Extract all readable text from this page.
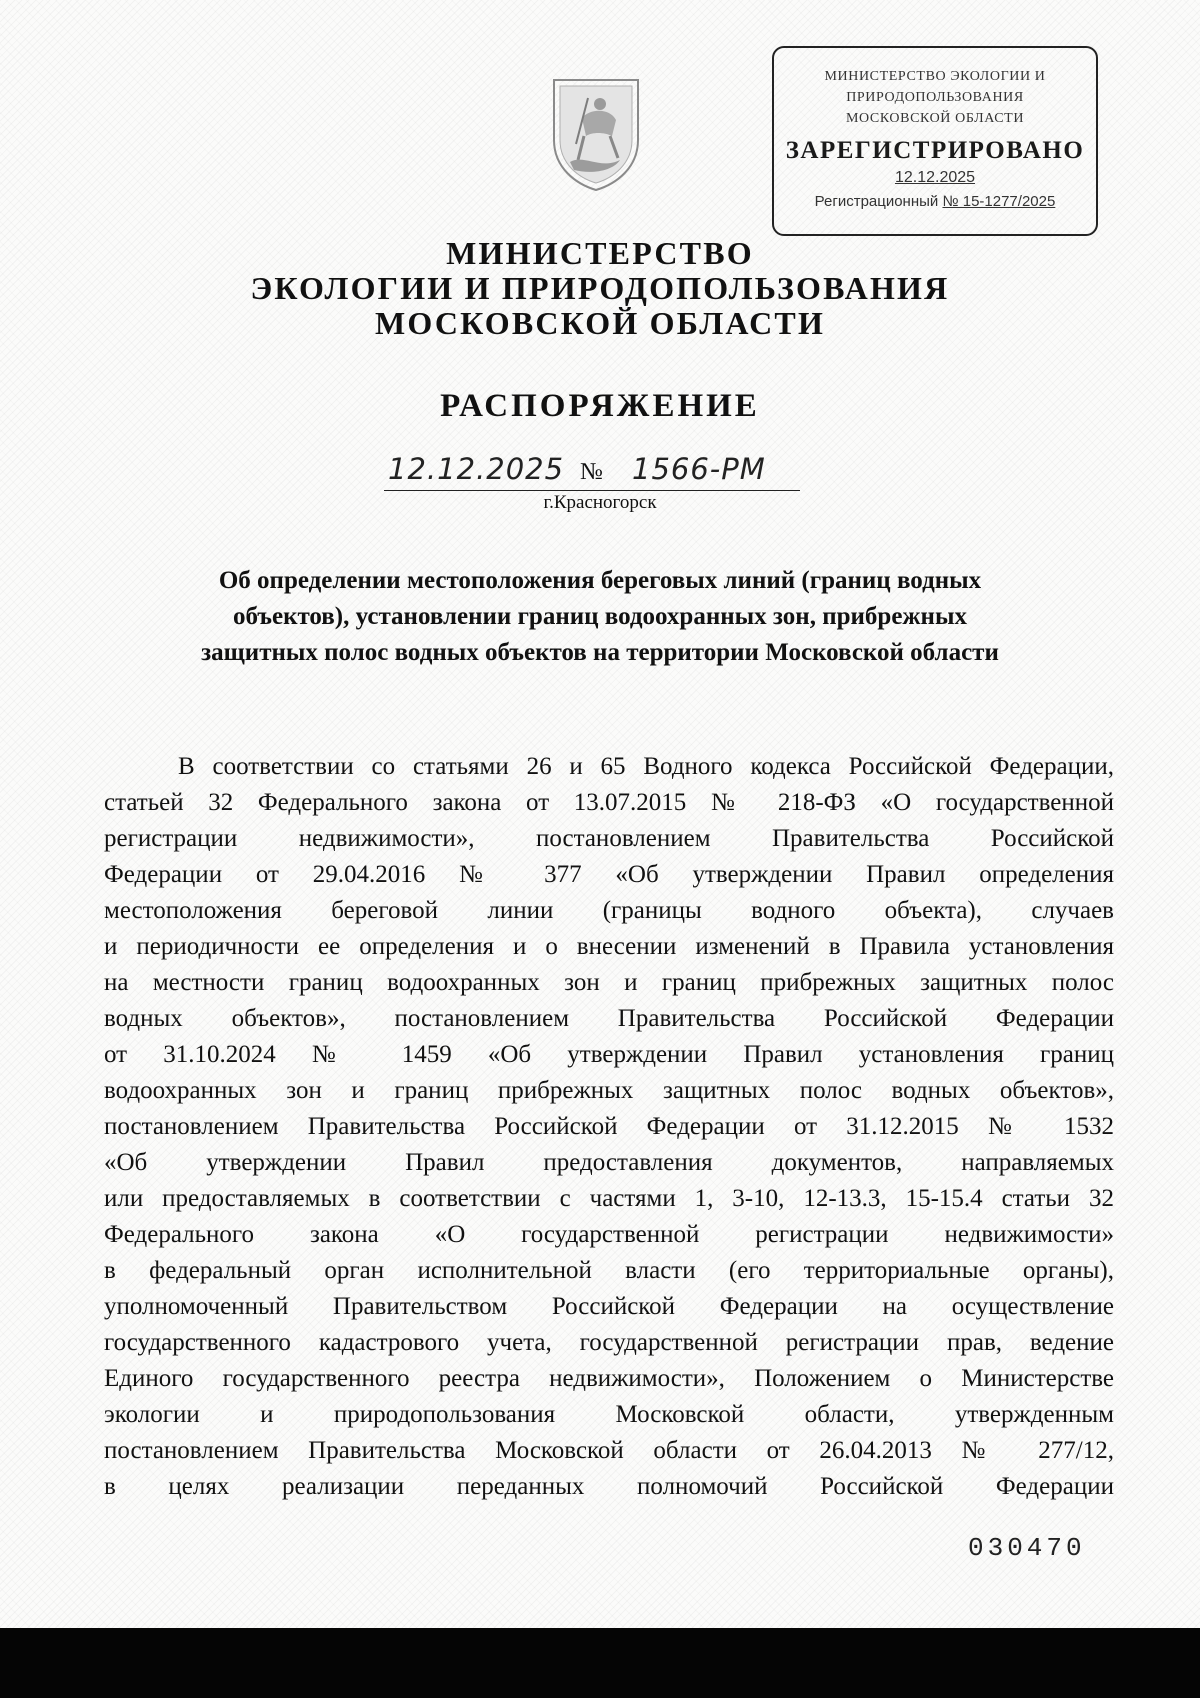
МИНИСТЕРСТВО ЭКОЛОГИИ И
ПРИРОДОПОЛЬЗОВАНИЯ
МОСКОВСКОЙ ОБЛАСТИ
ЗАРЕГИСТРИРОВАНО
12.12.2025
Регистрационный № 15-1277/2025
МИНИСТЕРСТВО
ЭКОЛОГИИ И ПРИРОДОПОЛЬЗОВАНИЯ
МОСКОВСКОЙ ОБЛАСТИ
РАСПОРЯЖЕНИЕ
12.12.2025 № 1566-РМ
г.Красногорск
Об определении местоположения береговых линий (границ водных
объектов), установлении границ водоохранных зон, прибрежных
защитных полос водных объектов на территории Московской области
В соответствии со статьями 26 и 65 Водного кодекса Российской Федерации,
статьей 32 Федерального закона от 13.07.2015 № 218-ФЗ «О государственной
регистрации недвижимости», постановлением Правительства Российской
Федерации от 29.04.2016 № 377 «Об утверждении Правил определения
местоположения береговой линии (границы водного объекта), случаев
и периодичности ее определения и о внесении изменений в Правила установления
на местности границ водоохранных зон и границ прибрежных защитных полос
водных объектов», постановлением Правительства Российской Федерации
от 31.10.2024 № 1459 «Об утверждении Правил установления границ
водоохранных зон и границ прибрежных защитных полос водных объектов»,
постановлением Правительства Российской Федерации от 31.12.2015 № 1532
«Об утверждении Правил предоставления документов, направляемых
или предоставляемых в соответствии с частями 1, 3-10, 12-13.3, 15-15.4 статьи 32
Федерального закона «О государственной регистрации недвижимости»
в федеральный орган исполнительной власти (его территориальные органы),
уполномоченный Правительством Российской Федерации на осуществление
государственного кадастрового учета, государственной регистрации прав, ведение
Единого государственного реестра недвижимости», Положением о Министерстве
экологии и природопользования Московской области, утвержденным
постановлением Правительства Московской области от 26.04.2013 № 277/12,
в целях реализации переданных полномочий Российской Федерации
030470
